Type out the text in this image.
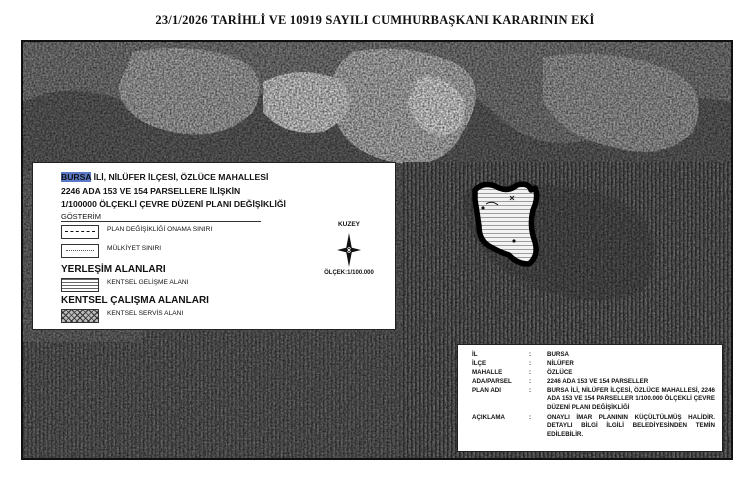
23/1/2026 TARİHLİ VE 10919 SAYILI CUMHURBAŞKANI KARARININ EKİ
BURSA İLİ, NİLÜFER İLÇESİ, ÖZLÜCE MAHALLESİ
2246 ADA 153 VE 154 PARSELLERE İLİŞKİN
1/100000 ÖLÇEKLİ ÇEVRE DÜZENİ PLANI DEĞİŞİKLİĞİ
GÖSTERİM
PLAN DEĞİŞİKLİĞİ ONAMA SINIRI
MÜLKİYET SINIRI
YERLEŞİM ALANLARI
KENTSEL GELİŞME ALANI
KENTSEL ÇALIŞMA ALANLARI
KENTSEL SERVİS ALANI
KUZEY
ÖLÇEK:1/100.000
İL	:	BURSA
İLÇE	:	NİLÜFER
MAHALLE	:	ÖZLÜCE
ADA/PARSEL	:	2246 ADA 153 VE 154 PARSELLER
PLAN ADI	:	BURSA İLİ, NİLÜFER İLÇESİ, ÖZLÜCE MAHALLESİ, 2246 ADA 153 VE 154 PARSELLER 1/100.000 ÖLÇEKLİ ÇEVRE DÜZENİ PLANI DEĞİŞİKLİĞİ
AÇIKLAMA	:	ONAYLI İMAR PLANININ KÜÇÜLTÜLMÜŞ HALİDİR. DETAYLI BİLGİ İLGİLİ BELEDİYESİNDEN TEMİN EDİLEBİLİR.
